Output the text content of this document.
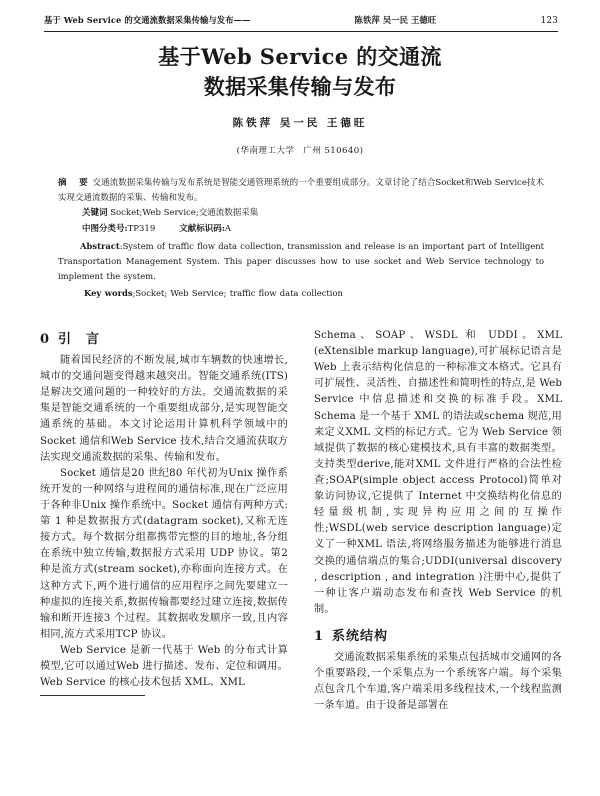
基于 Web Service 的交通流数据采集传输与发布——	陈铁萍 吴一民 王德旺	123
基于Web Service 的交通流
数据采集传输与发布
陈铁萍 吴一民 王德旺
(华南理工大学　广州 510640)
摘　要 交通流数据采集传输与发布系统是智能交通管理系统的一个重要组成部分。文章讨论了结合Socket和Web Service技术实现交通流数据的采集、传输和发布。
关键词 Socket;Web Service;交通流数据采集
中图分类号:TP319	文献标识码:A
Abstract:System of traffic flow data collection, transmission and release is an important part of Intelligent Transportation Management System. This paper discusses how to use socket and Web Service technology to implement the system.
Key words;Socket; Web Service; traffic flow data collection
0 引　言

随着国民经济的不断发展,城市车辆数的快速增长,城市的交通问题变得越来越突出。智能交通系统(ITS)是解决交通问题的一种较好的方法。交通流数据的采集是智能交通系统的一个重要组成部分,是实现智能交通系统的基础。本文讨论运用计算机科学领域中的Socket 通信和Web Service 技术,结合交通流获取方法实现交通流数据的采集、传输和发布。

Socket 通信是20 世纪80 年代初为Unix 操作系统开发的一种网络与进程间的通信标准,现在广泛应用于各种非Unix 操作系统中。Socket 通信有两种方式:第 1 种是数据报方式(datagram socket),又称无连接方式。每个数据分组都携带完整的目的地址,各分组在系统中独立传输,数据报方式采用 UDP 协议。第2 种是流方式(stream socket),亦称面向连接方式。在这种方式下,两个进行通信的应用程序之间先要建立一种虚拟的连接关系,数据传输都要经过建立连接,数据传输和断开连接3 个过程。其数据收发顺序一致,且内容相同,流方式采用TCP 协议。

Web Service 是新一代基于 Web 的分布式计算模型,它可以通过Web 进行描述、发布、定位和调用。Web Service 的核心技术包括 XML、XML

Schema、SOAP、WSDL 和 UDDI。XML (eXtensible markup language),可扩展标记语言是 Web 上表示结构化信息的一种标准文本格式。它具有可扩展性、灵活性、自描述性和简明性的特点,是 Web Service 中信息描述和交换的标准手段。XML Schema 是一个基于 XML 的语法或schema 规范,用来定义XML 文档的标记方式。它为 Web Service 领域提供了数据的核心建模技术,具有丰富的数据类型。支持类型derive,能对XML 文件进行严格的合法性检查;SOAP(simple object access Protocol)简单对象访问协议,它提供了 Internet 中交换结构化信息的轻量级机制,实现异构应用之间的互操作性;WSDL(web service description language)定义了一种XML 语法,将网络服务描述为能够进行消息交换的通信端点的集合;UDDI(universal discovery , description , and integration )注册中心,提供了一种让客户端动态发布和查找 Web Service 的机制。

1 系统结构

交通流数据采集系统的采集点包括城市交通网的各个重要路段,一个采集点为一个系统客户端。每个采集点包含几个车道,客户端采用多线程技术,一个线程监测一条车道。由于设备是部署在
